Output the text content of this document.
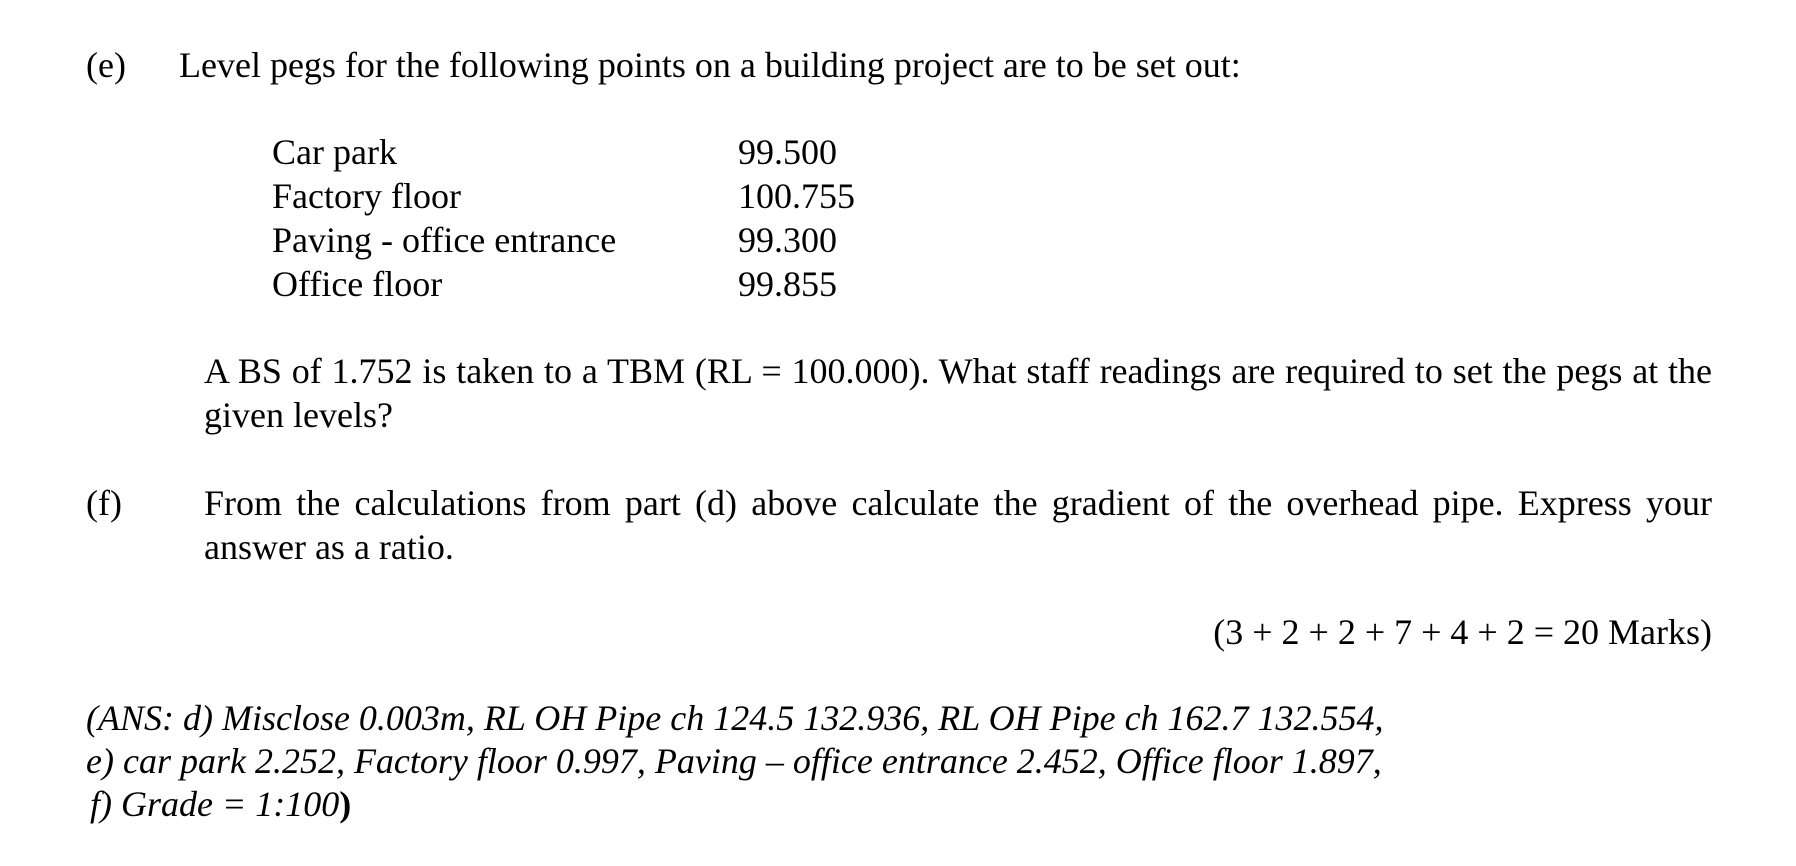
(e) Level pegs for the following points on a building project are to be set out:
Car park	99.500
Factory floor	100.755
Paving - office entrance	99.300
Office floor	99.855
A BS of 1.752 is taken to a TBM (RL = 100.000). What staff readings are required to set the pegs at the given levels?
(f) From the calculations from part (d) above calculate the gradient of the overhead pipe. Express your answer as a ratio.
(3 + 2 + 2 + 7 + 4 + 2 = 20 Marks)
(ANS: d) Misclose 0.003m, RL OH Pipe ch 124.5 132.936, RL OH Pipe ch 162.7 132.554,
e) car park 2.252, Factory floor 0.997, Paving – office entrance 2.452, Office floor 1.897,
f) Grade = 1:100)
